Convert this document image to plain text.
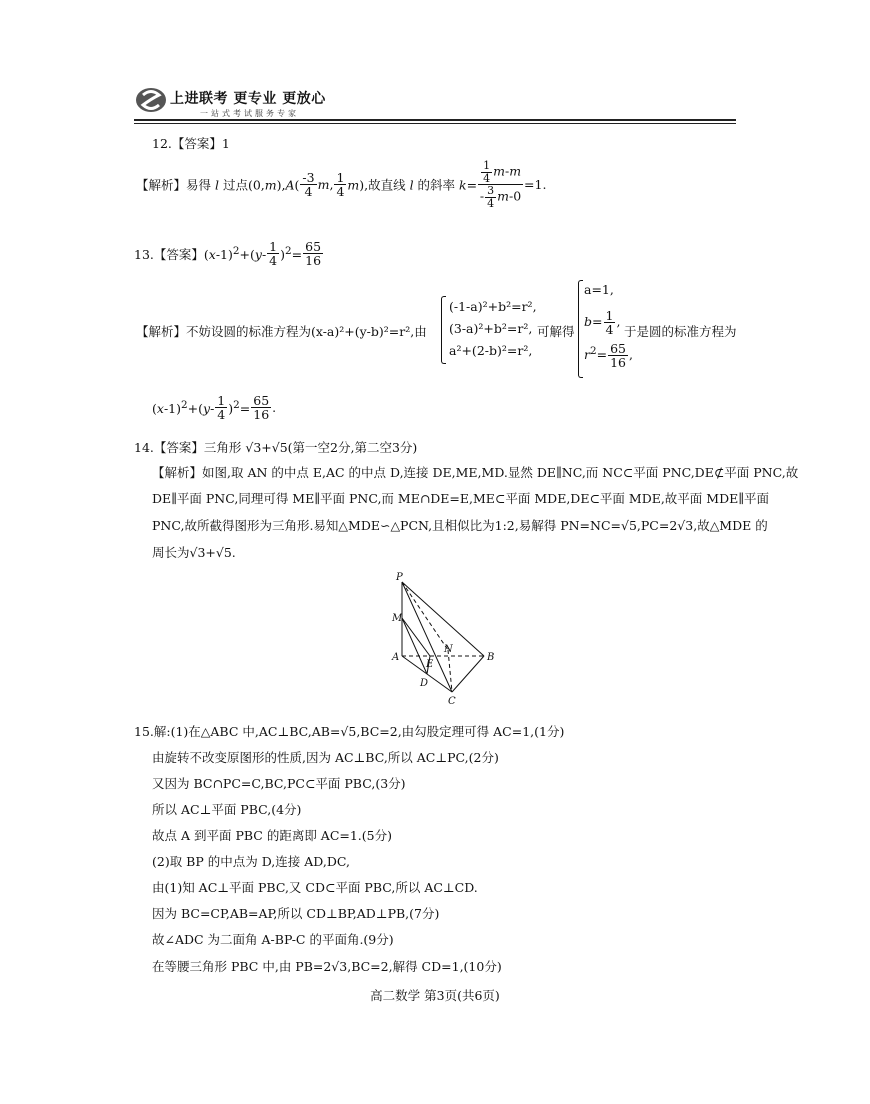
上进联考 更专业 更放心
一站式考试服务专家
12.【答案】1
【解析】易得 l 过点$(0,m),A( \frac{-3}{4} m$, $\frac{1}{4} m$),故直线 l 的斜率 $k= \frac{\frac{1}{4} m-m}{- \frac{3}{4} m-0} =1$.
13.【答案】$(x-1)^2+(y- \frac{1}{4} )^2= \frac{65}{16}$
【解析】不妨设圆的标准方程为(x-a)²+(y-b)²=r²,由
(-1-a)²+b²=r²,
(3-a)²+b²=r²,
a²+(2-b)²=r²,
可解得
a=1,
$b= \frac{1}{4}$ ,
$r^2= \frac{65}{16}$ ,
于是圆的标准方程为
$(x-1)^2+(y- \frac{1}{4} )^2= \frac{65}{16}$ .
14.【答案】三角形 √3+√5(第一空2分,第二空3分)
【解析】如图,取 AN 的中点 E,AC 的中点 D,连接 DE,ME,MD.显然 DE∥NC,而 NC⊂平面 PNC,DE⊄平面 PNC,故
DE∥平面 PNC,同理可得 ME∥平面 PNC,而 ME∩DE=E,ME⊂平面 MDE,DE⊂平面 MDE,故平面 MDE∥平面
PNC,故所截得图形为三角形.易知△MDE∽△PCN,且相似比为1:2,易解得 PN=NC=√5,PC=2√3,故△MDE 的
周长为√3+√5.
P
M
A
E
N
B
D
C
15.解:(1)在△ABC 中,AC⊥BC,AB=√5,BC=2,由勾股定理可得 AC=1,(1分)
由旋转不改变原图形的性质,因为 AC⊥BC,所以 AC⊥PC,(2分)
又因为 BC∩PC=C,BC,PC⊂平面 PBC,(3分)
所以 AC⊥平面 PBC,(4分)
故点 A 到平面 PBC 的距离即 AC=1.(5分)
(2)取 BP 的中点为 D,连接 AD,DC,
由(1)知 AC⊥平面 PBC,又 CD⊂平面 PBC,所以 AC⊥CD.
因为 BC=CP,AB=AP,所以 CD⊥BP,AD⊥PB,(7分)
故∠ADC 为二面角 A-BP-C 的平面角.(9分)
在等腰三角形 PBC 中,由 PB=2√3,BC=2,解得 CD=1,(10分)
高二数学 第3页(共6页)
